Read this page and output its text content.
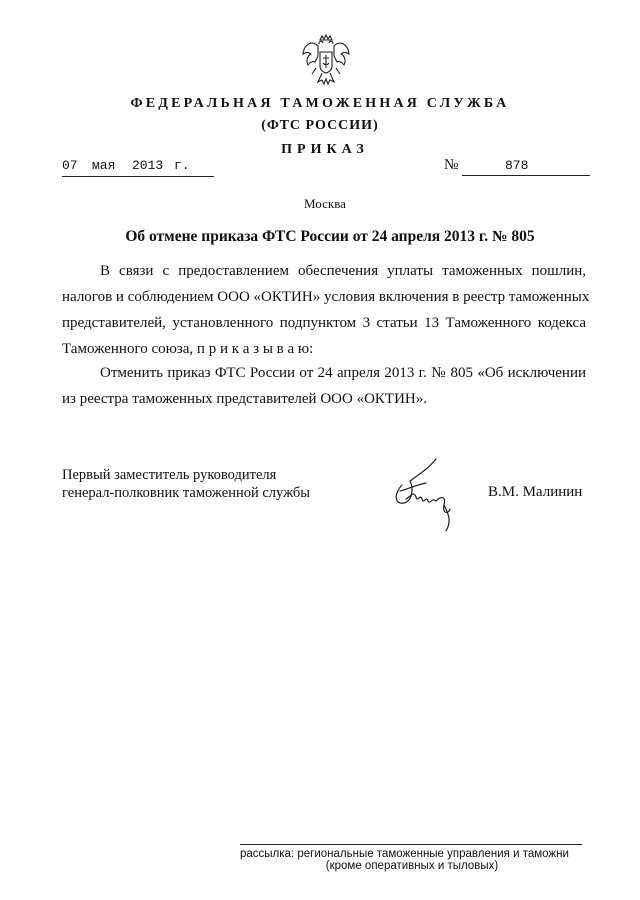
ФЕДЕРАЛЬНАЯ ТАМОЖЕННАЯ СЛУЖБА
(ФТС РОССИИ)
ПРИКАЗ
07 мая 2013 г.	№	878
Москва
Об отмене приказа ФТС России от 24 апреля 2013 г. № 805
В связи с предоставлением обеспечения уплаты таможенных пошлин,
налогов и соблюдением ООО «ОКТИН» условия включения в реестр таможенных
представителей, установленного подпунктом 3 статьи 13 Таможенного кодекса
Таможенного союза, п р и к а з ы в а ю:
Отменить приказ ФТС России от 24 апреля 2013 г. № 805 «Об исключении
из реестра таможенных представителей ООО «ОКТИН».
Первый заместитель руководителя
генерал-полковник таможенной службы	В.М. Малинин
рассылка: региональные таможенные управления и таможни
(кроме оперативных и тыловых)
